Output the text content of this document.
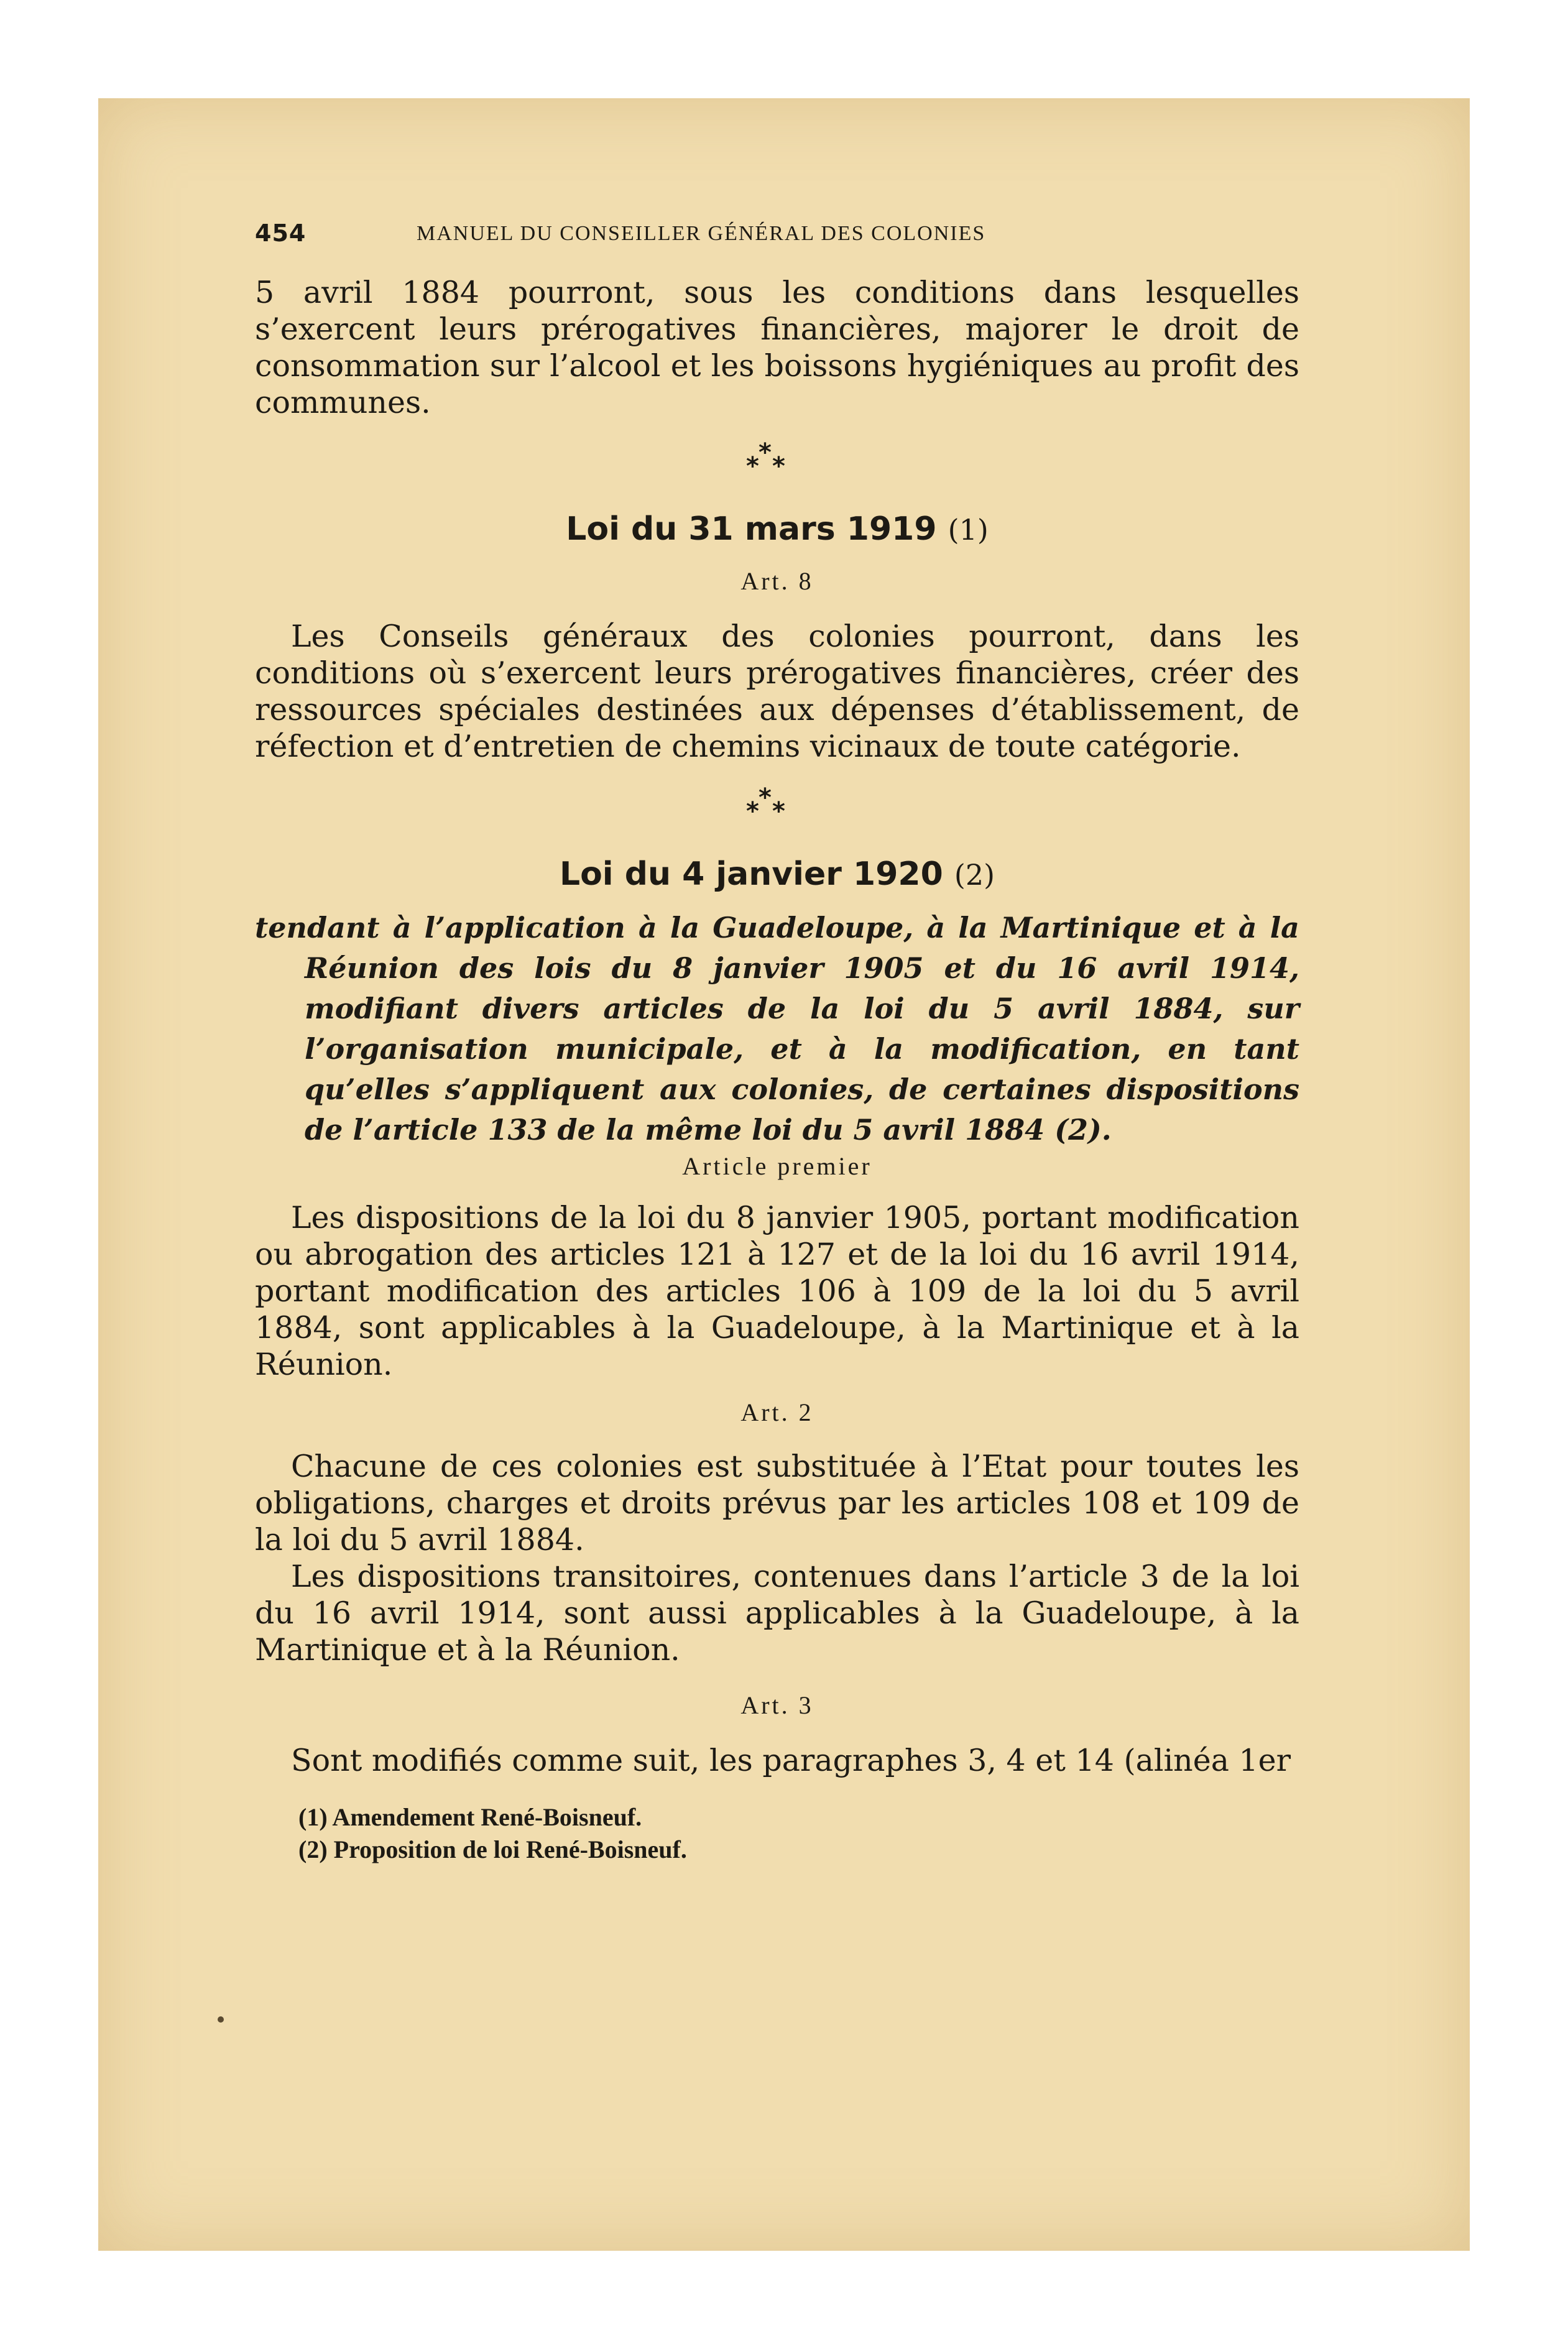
454	MANUEL DU CONSEILLER GÉNÉRAL DES COLONIES

5 avril 1884 pourront, sous les conditions dans lesquelles s’exercent leurs prérogatives financières, majorer le droit de consommation sur l’alcool et les boissons hygiéniques au profit des communes.

*
* *
Loi du 31 mars 1919 (1)
Art. 8

Les Conseils généraux des colonies pourront, dans les conditions où s’exercent leurs prérogatives financières, créer des ressources spéciales destinées aux dépenses d’établissement, de réfection et d’entretien de chemins vicinaux de toute catégorie.

*
* *
Loi du 4 janvier 1920 (2)

tendant à l’application à la Guadeloupe, à la Martinique et à la Réunion des lois du 8 janvier 1905 et du 16 avril 1914, modifiant divers articles de la loi du 5 avril 1884, sur l’organisation municipale, et à la modification, en tant qu’elles s’appliquent aux colonies, de certaines dispositions de l’article 133 de la même loi du 5 avril 1884 (2).

Article premier

Les dispositions de la loi du 8 janvier 1905, portant modification ou abrogation des articles 121 à 127 et de la loi du 16 avril 1914, portant modification des articles 106 à 109 de la loi du 5 avril 1884, sont applicables à la Guadeloupe, à la Martinique et à la Réunion.

Art. 2

Chacune de ces colonies est substituée à l’Etat pour toutes les obligations, charges et droits prévus par les articles 108 et 109 de la loi du 5 avril 1884.

Les dispositions transitoires, contenues dans l’article 3 de la loi du 16 avril 1914, sont aussi applicables à la Guadeloupe, à la Martinique et à la Réunion.

Art. 3

Sont modifiés comme suit, les paragraphes 3, 4 et 14 (alinéa 1er

(1) Amendement René-Boisneuf.
(2) Proposition de loi René-Boisneuf.
